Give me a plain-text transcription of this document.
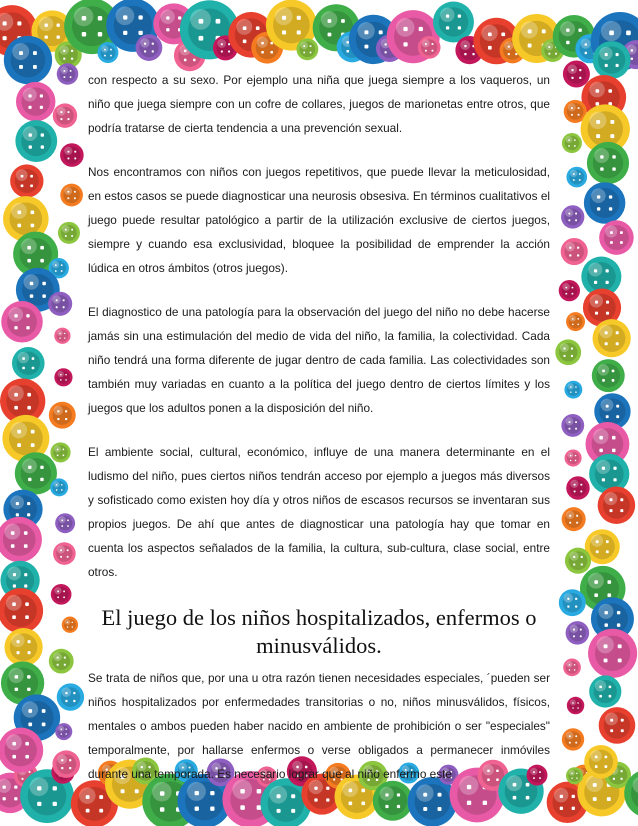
con respecto a su sexo. Por ejemplo una niña que juega siempre a los vaqueros, un niño que juega siempre con un cofre de collares, juegos de marionetas entre otros, que podría tratarse de cierta tendencia a una prevención sexual.

Nos encontramos con niños con juegos repetitivos, que puede llevar la meticulosidad, en estos casos se puede diagnosticar una neurosis obsesiva. En términos cualitativos el juego puede resultar patológico a partir de la utilización exclusive de ciertos juegos, siempre y cuando esa exclusividad, bloquee la posibilidad de emprender la acción lúdica en otros ámbitos (otros juegos).

El diagnostico de una patología para la observación del juego del niño no debe hacerse jamás sin una estimulación del medio de vida del niño, la familia, la colectividad. Cada niño tendrá una forma diferente de jugar dentro de cada familia. Las colectividades son también muy variadas en cuanto a la política del juego dentro de ciertos límites y los juegos que los adultos ponen a la disposición del niño.

El ambiente social, cultural, económico, influye de una manera determinante en el ludismo del niño, pues ciertos niños tendrán acceso por ejemplo a juegos más diversos y sofisticado como existen hoy día y otros niños de escasos recursos se inventaran sus propios juegos. De ahí que antes de diagnosticar una patología hay que tomar en cuenta los aspectos señalados de la familia, la cultura, sub-cultura, clase social, entre otros.

El juego de los niños hospitalizados, enfermos o minusválidos.

Se trata de niños que, por una u otra razón tienen necesidades especiales, ´pueden ser niños hospitalizados por enfermedades transitorias o no, niños minusválidos, físicos, mentales o ambos pueden haber nacido en ambiente de prohibición o ser "especiales" temporalmente, por hallarse enfermos o verse obligados a permanecer inmóviles durante una temporada. Es necesario lograr que al niño enfermo este
